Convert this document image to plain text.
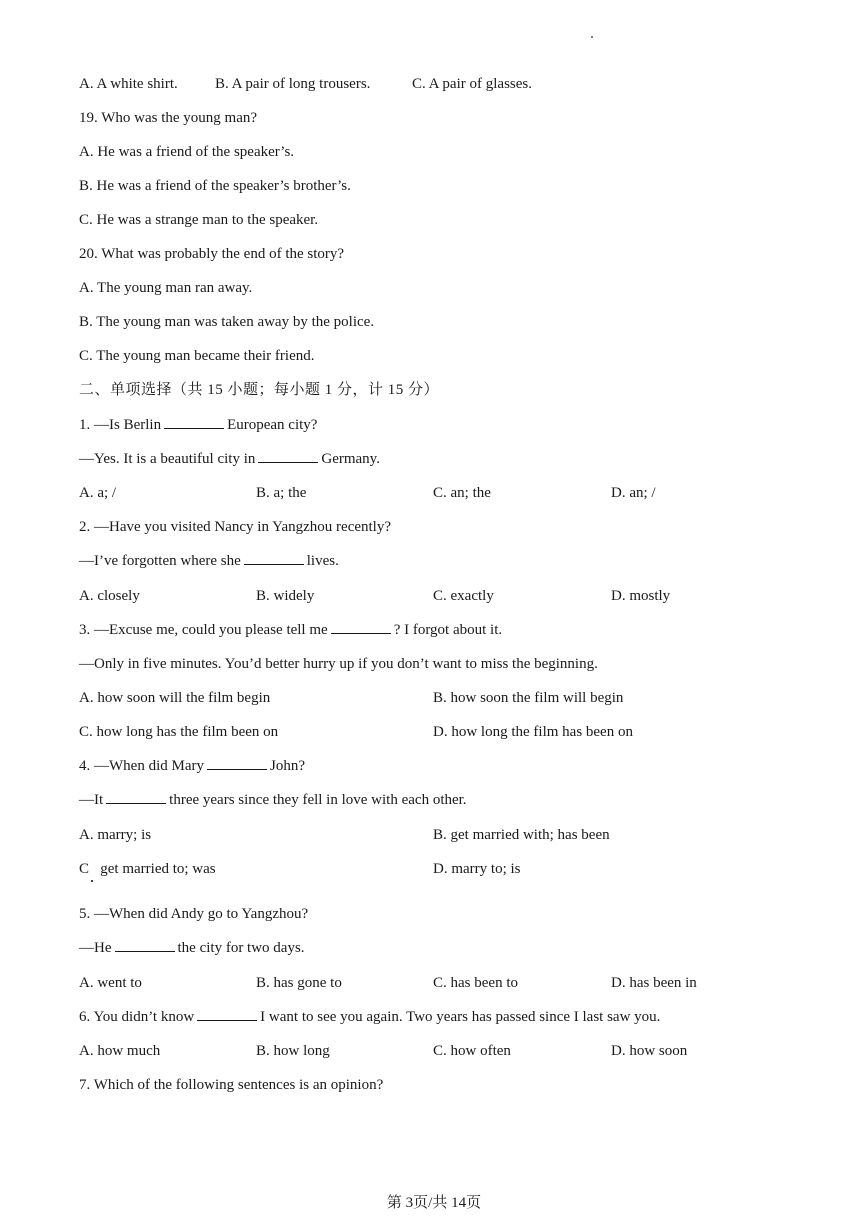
A. A white shirt. B. A pair of long trousers.	C. A pair of glasses.
19. Who was the young man?
A. He was a friend of the speaker’s.
B. He was a friend of the speaker’s brother’s.
C. He was a strange man to the speaker.
20. What was probably the end of the story?
A. The young man ran away.
B. The young man was taken away by the police.
C. The young man became their friend.
二、单项选择（共 15 小题；每小题 1 分，计 15 分）
1. —Is Berlin	European city?
—Yes. It is a beautiful city in	Germany.
A. a; /	B. a; the	C. an; the	D. an; /
2. —Have you visited Nancy in Yangzhou recently?
—I’ve forgotten where she	lives.
A. closely	B. widely	C. exactly	D. mostly
3. —Excuse me, could you please tell me	? I forgot about it.
—Only in five minutes. You’d better hurry up if you don’t want to miss the beginning.
A. how soon will the film begin	B. how soon the film will begin
C. how long has the film been on	D. how long the film has been on
4. —When did Mary	John?
—It	three years since they fell in love with each other.
A. marry; is	B. get married with; has been
C   get married to; was	D. marry to; is
5. —When did Andy go to Yangzhou?
—He	the city for two days.
A. went to	B. has gone to	C. has been to	D. has been in
6. You didn’t know	I want to see you again. Two years has passed since I last saw you.
A. how much	B. how long	C. how often	D. how soon
7. Which of the following sentences is an opinion?
第 3页/共 14页
